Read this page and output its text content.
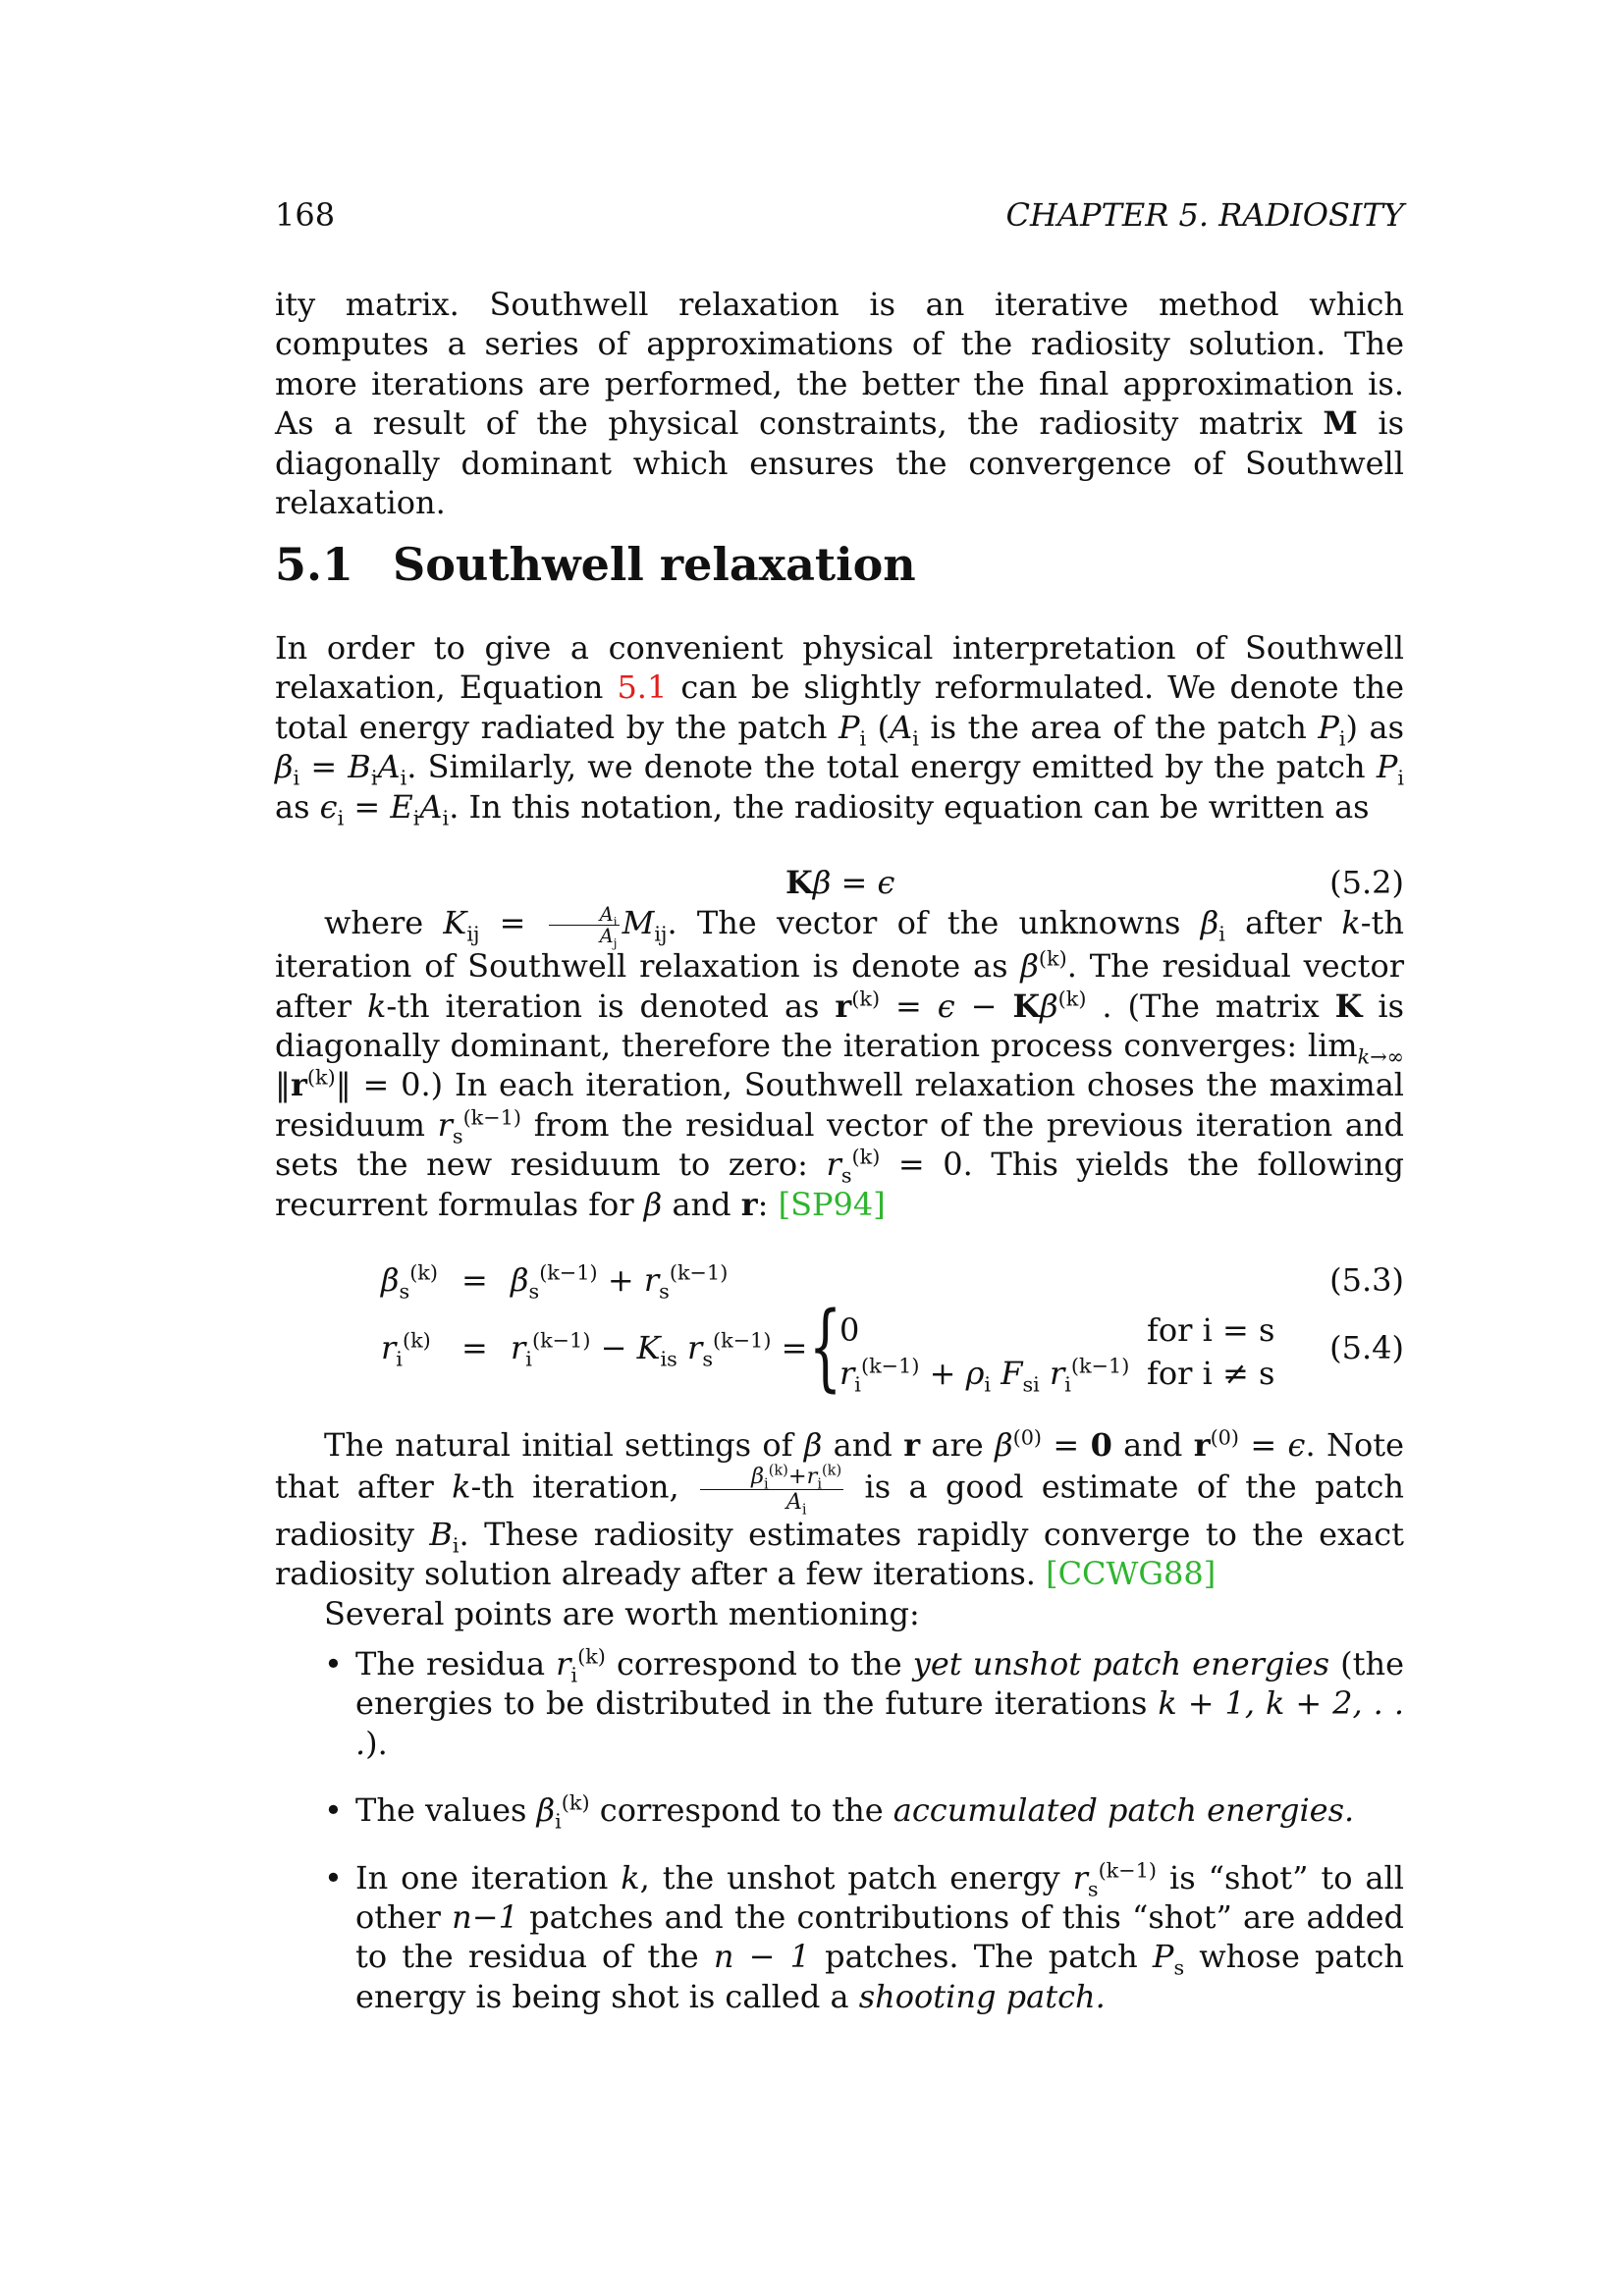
168	CHAPTER 5. RADIOSITY

ity matrix. Southwell relaxation is an iterative method which computes a series of approximations of the radiosity solution. The more iterations are performed, the better the final approximation is. As a result of the physical constraints, the radiosity matrix M is diagonally dominant which ensures the convergence of Southwell relaxation.

5.1 Southwell relaxation

In order to give a convenient physical interpretation of Southwell relaxation, Equation 5.1 can be slightly reformulated. We denote the total energy radiated by the patch $P_i$ ($A_i$ is the area of the patch $P_i$) as $\beta_i = B_iA_i$. Similarly, we denote the total energy emitted by the patch $P_i$ as $\epsilon_i = E_iA_i$. In this notation, the radiosity equation can be written as

Kβ = ϵ	(5.2)

where $K_{ij} = \frac{A_i}{A_j} M_{ij}$. The vector of the unknowns $\beta_i$ after k-th iteration of Southwell relaxation is denote as $\beta^{(k)}$. The residual vector after k-th iteration is denoted as $r^{(k)} = \epsilon - K\beta^{(k)}$ . (The matrix K is diagonally dominant, therefore the iteration process converges: $\lim_{k\to\infty}$ $‖r^{(k)}‖ = 0$.) In each iteration, Southwell relaxation choses the maximal residuum $r_s^{(k-1)}$ from the residual vector of the previous iteration and sets the new residuum to zero: $r_s^{(k)} = 0$. This yields the following recurrent formulas for β and r: [SP94]

$\beta_s^{(k)} = \beta_s^{(k-1)} + r_s^{(k-1)}$	(5.3)
$r_i^{(k)} = r_i^{(k-1)} - K_{is}$ $r_s^{(k-1)}$ = {
0
$r_i^{(k-1)} + \rho_i$ $F_{si}$ $r_i^{(k-1)}$
for i = s
for i ≠ s
(5.4)

The natural initial settings of β and r are $\beta^{(0)} = 0$ and $r^{(0)} = \epsilon$. Note that after k-th iteration, $\frac{\beta_i^{(k)}+r_i^{(k)}}{A_i}$ is a good estimate of the patch radiosity $B_i$. These radiosity estimates rapidly converge to the exact radiosity solution already after a few iterations. [CCWG88]

Several points are worth mentioning:

• The residua $r_i^{(k)}$ correspond to the yet unshot patch energies (the energies to be distributed in the future iterations k + 1, k + 2, . . .).
• The values $\beta_i^{(k)}$ correspond to the accumulated patch energies.
• In one iteration k, the unshot patch energy $r_s^{(k-1)}$ is “shot” to all other n−1 patches and the contributions of this “shot” are added to the residua of the n − 1 patches. The patch $P_s$ whose patch energy is being shot is called a shooting patch.
